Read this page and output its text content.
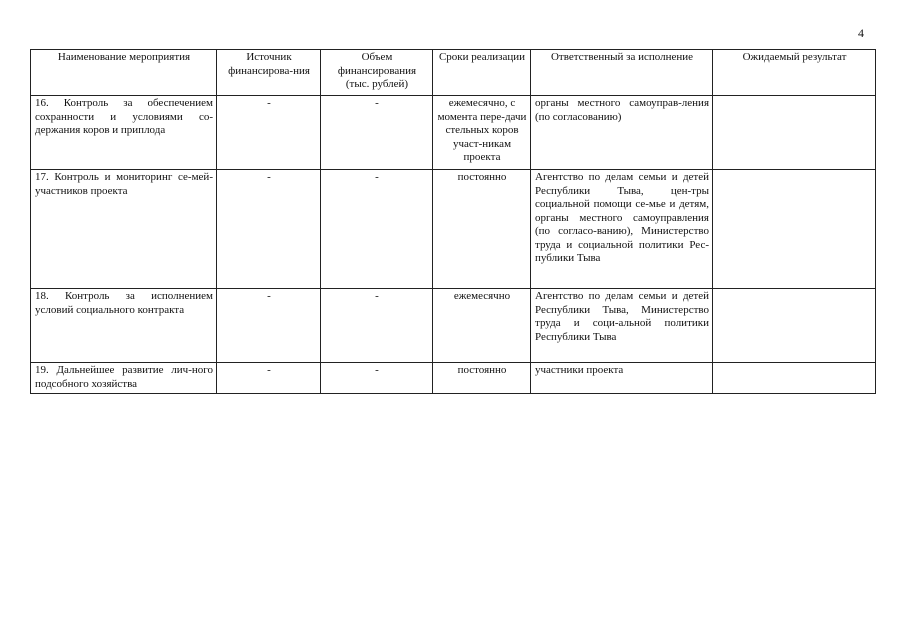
4
Наименование мероприятия	Источник финансирова-ния	Объем финансирования (тыс. рублей)	Сроки реализации	Ответственный за исполнение	Ожидаемый результат
16. Контроль за обеспечением сохранности и условиями со-держания коров и приплода	-	-	ежемесячно, с момента пере-дачи стельных коров участ-никам проекта	органы местного самоуправ-ления (по согласованию)	
17. Контроль и мониторинг се-мей-участников проекта	-	-	постоянно	Агентство по делам семьи и детей Республики Тыва, цен-тры социальной помощи се-мье и детям, органы местного самоуправления (по согласо-ванию), Министерство труда и социальной политики Рес-публики Тыва	
18. Контроль за исполнением условий социального контракта	-	-	ежемесячно	Агентство по делам семьи и детей Республики Тыва, Министерство труда и соци-альной политики Республики Тыва	
19. Дальнейшее развитие лич-ного подсобного хозяйства	-	-	постоянно	участники проекта	
